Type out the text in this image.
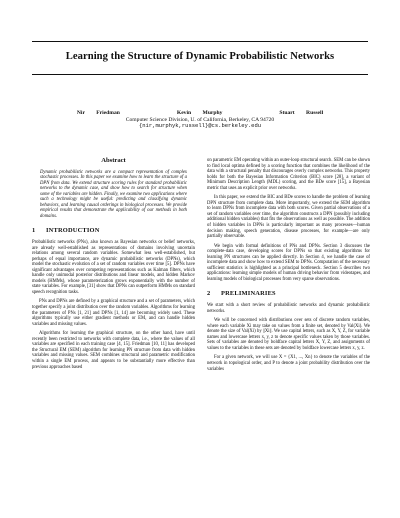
Learning the Structure of Dynamic Probabilistic Networks
Nir Friedman     Kevin Murphy     Stuart Russell
Computer Science Division, U. of California, Berkeley, CA 94720
{nir,murphyk,russell}@cs.berkeley.edu
Abstract

Dynamic probabilistic networks are a compact representation of complex stochastic processes. In this paper we examine how to learn the structure of a DPN from data. We extend structure scoring rules for standard probabilistic networks to the dynamic case, and show how to search for structure when some of the variables are hidden. Finally, we examine two applications where such a technology might be useful: predicting and classifying dynamic behaviors, and learning causal orderings in biological processes. We provide empirical results that demonstrate the applicability of our methods in both domains.

1 INTRODUCTION

Probabilistic networks (PNs), also known as Bayesian networks or belief networks, are already well-established as representations of domains involving uncertain relations among several random variables. Somewhat less well-established, but perhaps of equal importance, are dynamic probabilistic networks (DPNs), which model the stochastic evolution of a set of random variables over time [5]. DPNs have significant advantages over competing representations such as Kalman filters, which handle only unimodal posterior distributions and linear models, and hidden Markov models (HMMs), whose parameterization grows exponentially with the number of state variables. For example, [31] show that DPNs can outperform HMMs on standard speech recognition tasks.

PNs and DPNs are defined by a graphical structure and a set of parameters, which together specify a joint distribution over the random variables. Algorithms for learning the parameters of PNs [1, 21] and DPNs [1, 14] are becoming widely used. These algorithms typically use either gradient methods or EM, and can handle hidden variables and missing values.

Algorithms for learning the graphical structure, on the other hand, have until recently been restricted to networks with complete data, i.e., where the values of all variables are specified in each training case [4, 15]. Friedman [10, 11] has developed the Structural EM (SEM) algorithm for learning PN structure from data with hidden variables and missing values. SEM combines structural and parametric modification within a single EM process, and appears to be substantially more effective than previous approaches based

on parametric EM operating within an outer-loop structural search. SEM can be shown to find local optima defined by a scoring function that combines the likelihood of the data with a structural penalty that discourages overly complex networks. This property holds for both the Bayesian Information Criterion (BIC) score [28], a variant of Minimum Description Length (MDL) scoring, and the BDe score [15], a Bayesian metric that uses an explicit prior over networks.

In this paper, we extend the BIC and BDe scores to handle the problem of learning DPN structure from complete data. More importantly, we extend the SEM algorithm to learn DPNs from incomplete data with both scores. Given partial observations of a set of random variables over time, the algorithm constructs a DPN (possibly including additional hidden variables) that fits the observations as well as possible. The addition of hidden variables in DPNs is particularly important as many processes—human decision making, speech generation, disease processes, for example—are only partially observable.

We begin with formal definitions of PNs and DPNs. Section 3 discusses the complete-data case, developing scores for DPNs so that existing algorithms for learning PN structures can be applied directly. In Section 4, we handle the case of incomplete data and show how to extend SEM to DPNs. Computation of the necessary sufficient statistics is highlighted as a principal bottleneck. Section 5 describes two applications: learning simple models of human driving behavior from videotapes, and learning models of biological processes from very sparse observations.

2 PRELIMINARIES

We start with a short review of probabilistic networks and dynamic probabilistic networks.

We will be concerned with distributions over sets of discrete random variables, where each variable Xi may take on values from a finite set, denoted by Val(Xi). We denote the size of Val(Xi) by ||Xi||. We use capital letters, such as X, Y, Z, for variable names and lowercase letters x, y, z to denote specific values taken by those variables. Sets of variables are denoted by boldface capital letters X, Y, Z, and assignments of values to the variables in these sets are denoted by boldface lowercase letters x, y, z.

For a given network, we will use X = {X1, ..., Xn} to denote the variables of the network in topological order, and P to denote a joint probability distribution over the variables
